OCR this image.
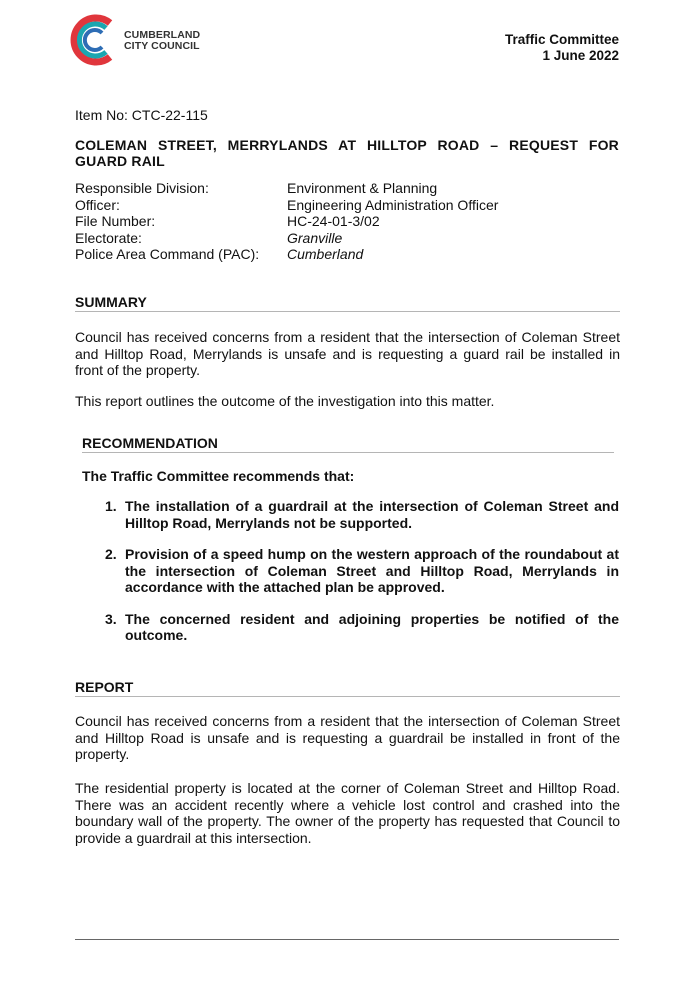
CUMBERLAND
CITY COUNCIL	Traffic Committee
1 June 2022
Item No: CTC-22-115
COLEMAN STREET, MERRYLANDS AT HILLTOP ROAD – REQUEST FOR GUARD RAIL
Responsible Division:	Environment & Planning
Officer:	Engineering Administration Officer
File Number:	HC-24-01-3/02
Electorate:	Granville
Police Area Command (PAC):	Cumberland
SUMMARY
Council has received concerns from a resident that the intersection of Coleman Street and Hilltop Road, Merrylands is unsafe and is requesting a guard rail be installed in front of the property.
This report outlines the outcome of the investigation into this matter.
RECOMMENDATION
The Traffic Committee recommends that:
1. The installation of a guardrail at the intersection of Coleman Street and Hilltop Road, Merrylands not be supported.
2. Provision of a speed hump on the western approach of the roundabout at the intersection of Coleman Street and Hilltop Road, Merrylands in accordance with the attached plan be approved.
3. The concerned resident and adjoining properties be notified of the outcome.
REPORT
Council has received concerns from a resident that the intersection of Coleman Street and Hilltop Road is unsafe and is requesting a guardrail be installed in front of the property.
The residential property is located at the corner of Coleman Street and Hilltop Road. There was an accident recently where a vehicle lost control and crashed into the boundary wall of the property. The owner of the property has requested that Council to provide a guardrail at this intersection.
